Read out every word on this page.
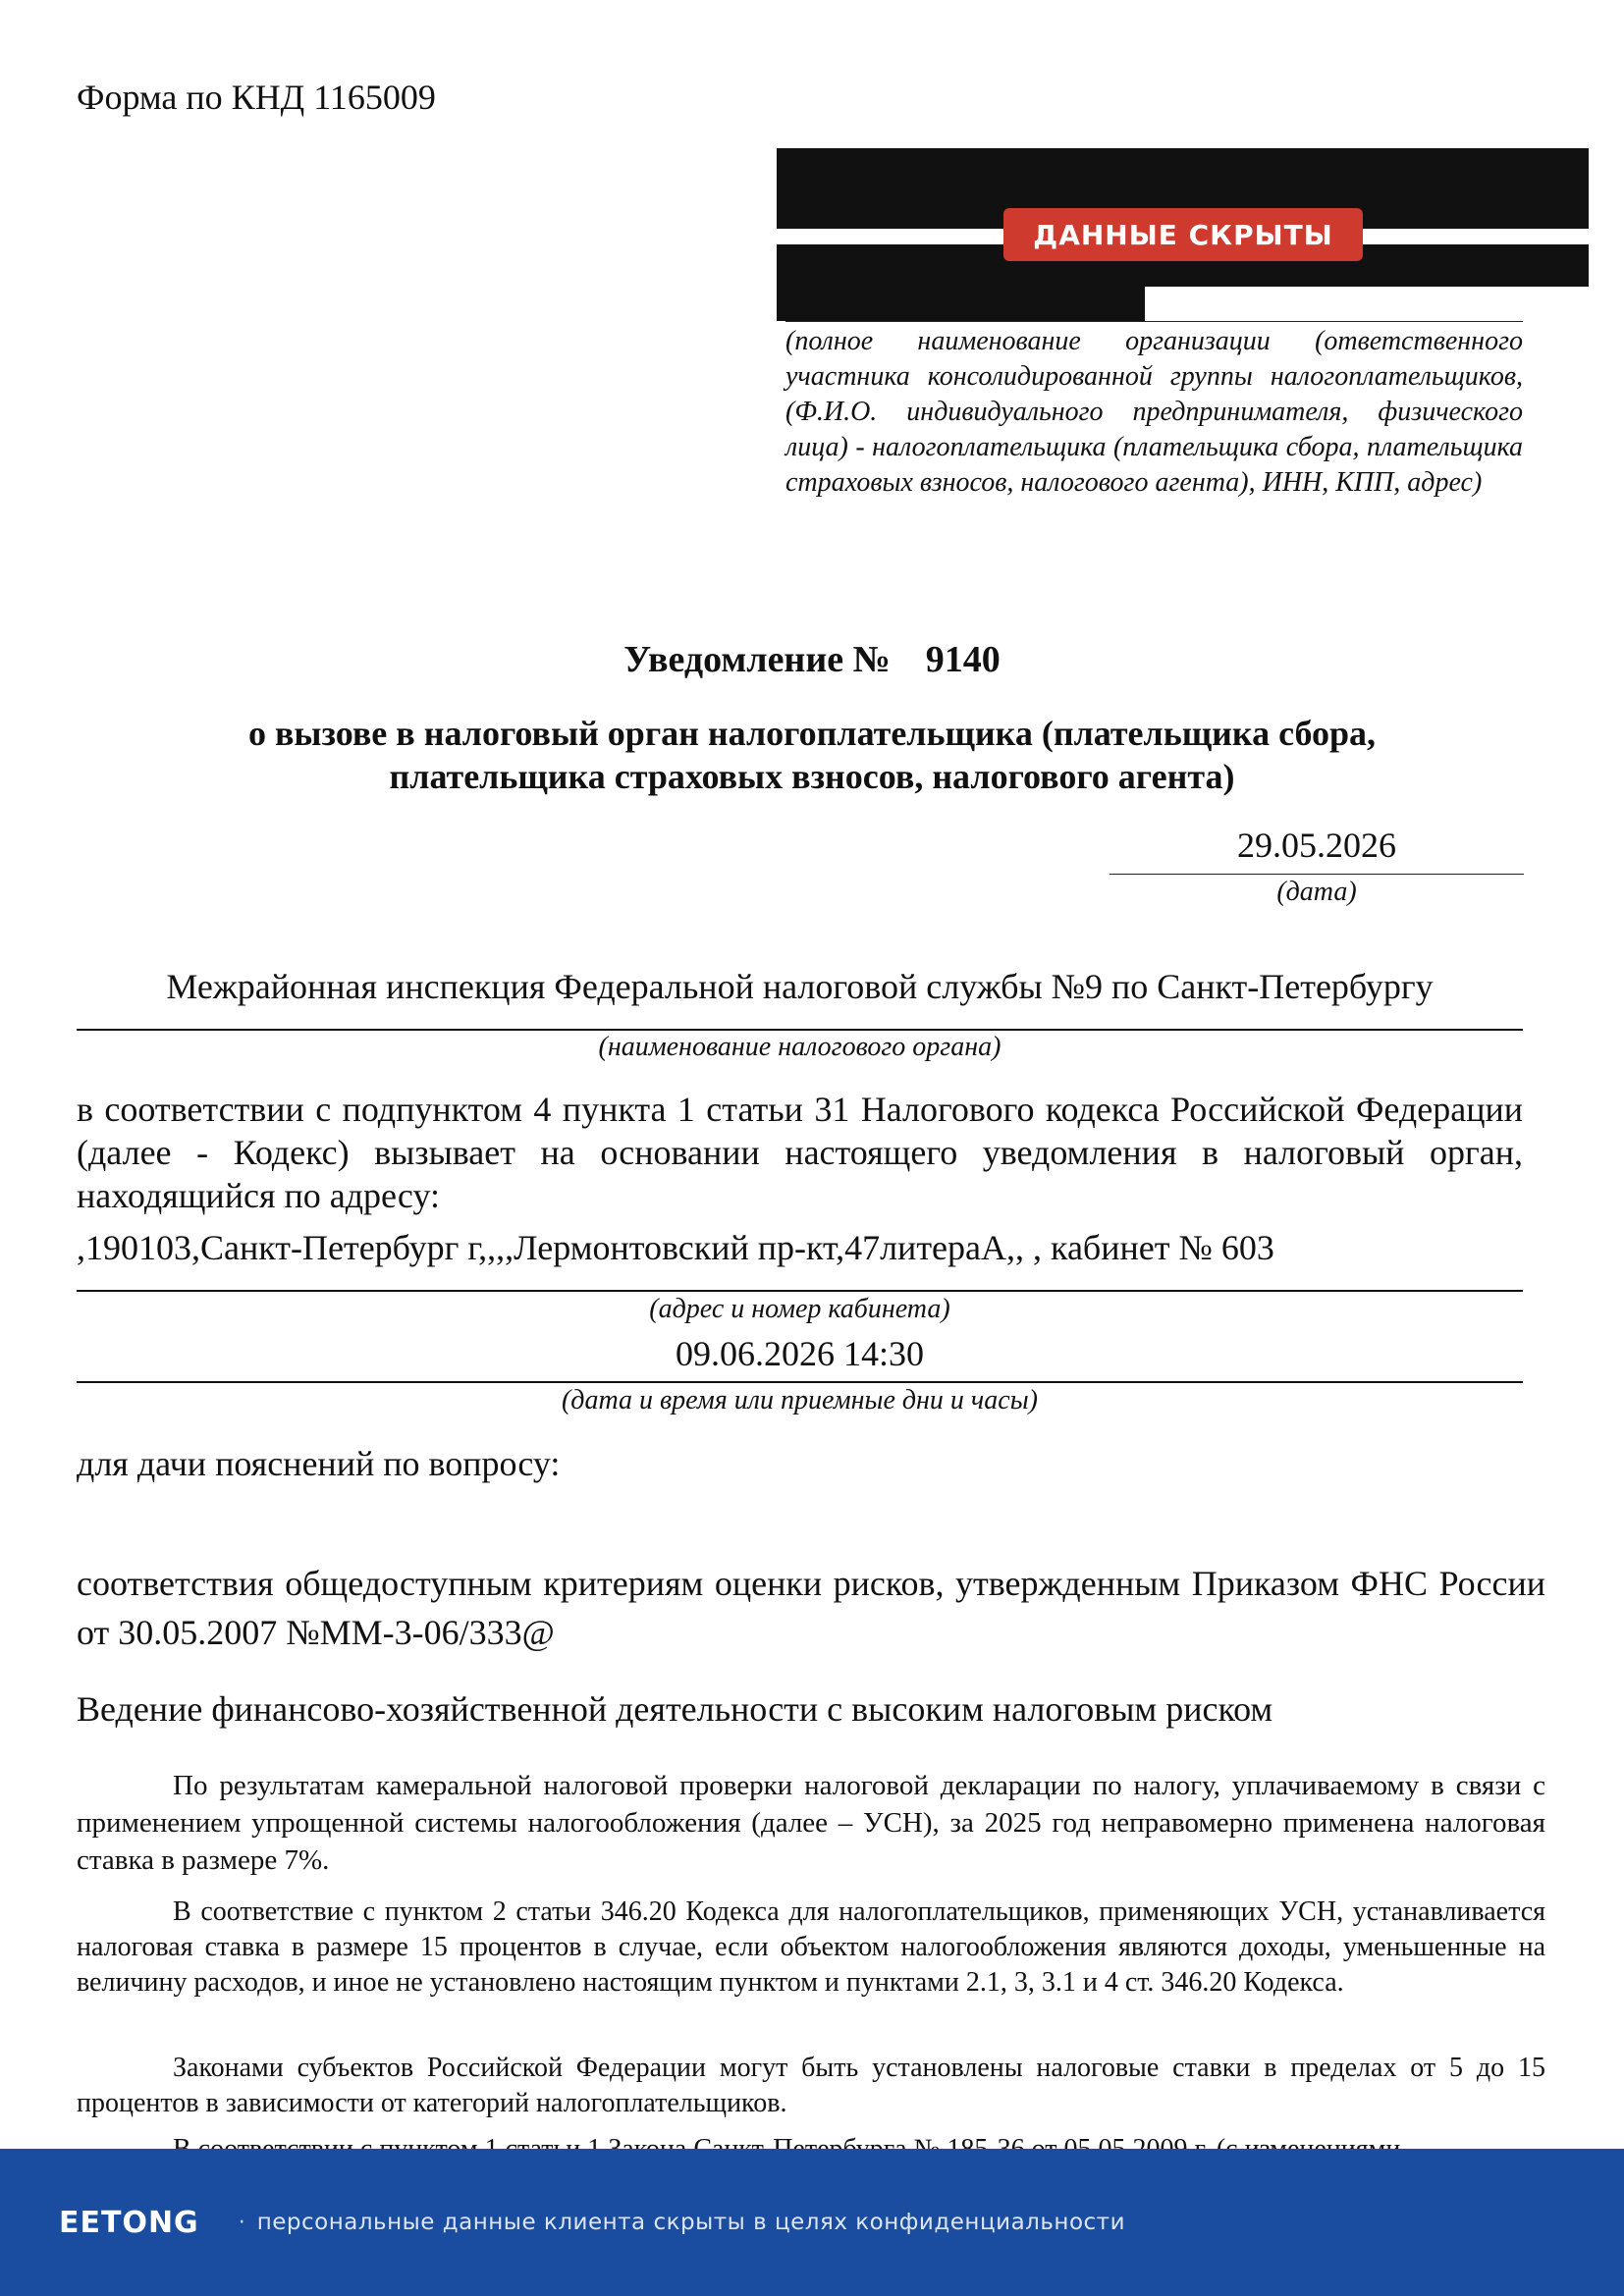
Форма по КНД 1165009
ДАННЫЕ СКРЫТЫ
(полное наименование организации (ответственного участника консолидированной группы налогоплательщиков, (Ф.И.О. индивидуального предпринимателя, физического лица) - налогоплательщика (плательщика сбора, плательщика страховых взносов, налогового агента), ИНН, КПП, адрес)
Уведомление № 9140
о вызове в налоговый орган налогоплательщика (плательщика сбора,
плательщика страховых взносов, налогового агента)
29.05.2026
(дата)
Межрайонная инспекция Федеральной налоговой службы №9 по Санкт-Петербургу
(наименование налогового органа)
в соответствии с подпунктом 4 пункта 1 статьи 31 Налогового кодекса Российской Федерации (далее - Кодекс) вызывает на основании настоящего уведомления в налоговый орган, находящийся по адресу:
,190103,Санкт-Петербург г,,,,Лермонтовский пр-кт,47литераА,, , кабинет № 603
(адрес и номер кабинета)
09.06.2026 14:30
(дата и время или приемные дни и часы)
для дачи пояснений по вопросу:
соответствия общедоступным критериям оценки рисков, утвержденным Приказом ФНС России от 30.05.2007 №ММ-3-06/333@
Ведение финансово-хозяйственной деятельности с высоким налоговым риском
По результатам камеральной налоговой проверки налоговой декларации по налогу, уплачиваемому в связи с применением упрощенной системы налогообложения (далее – УСН), за 2025 год неправомерно применена налоговая ставка в размере 7%.
В соответствие с пунктом 2 статьи 346.20 Кодекса для налогоплательщиков, применяющих УСН, устанавливается налоговая ставка в размере 15 процентов в случае, если объектом налогообложения являются доходы, уменьшенные на величину расходов, и иное не установлено настоящим пунктом и пунктами 2.1, 3, 3.1 и 4 ст. 346.20 Кодекса.
Законами субъектов Российской Федерации могут быть установлены налоговые ставки в пределах от 5 до 15 процентов в зависимости от категорий налогоплательщиков.
EETONG · персональные данные клиента скрыты в целях конфиденциальности
